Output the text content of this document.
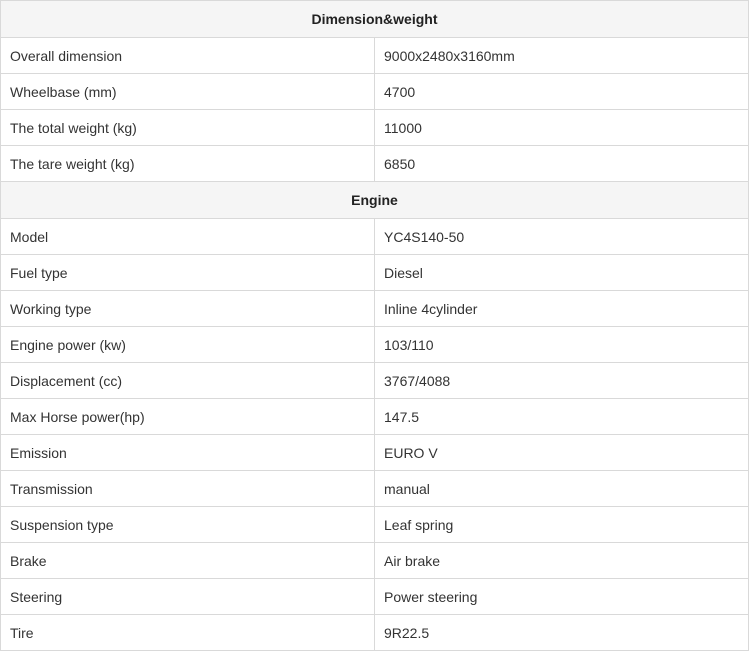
Dimension&weight	
Overall dimension	9000x2480x3160mm
Wheelbase (mm)	4700
The total weight (kg)	11000
The tare weight (kg)	6850
Engine	
Model	YC4S140-50
Fuel type	Diesel
Working type	Inline 4cylinder
Engine power (kw)	103/110
Displacement (cc)	3767/4088
Max Horse power(hp)	147.5
Emission	EURO V
Transmission	manual
Suspension type	Leaf spring
Brake	Air brake
Steering	Power steering
Tire	9R22.5
